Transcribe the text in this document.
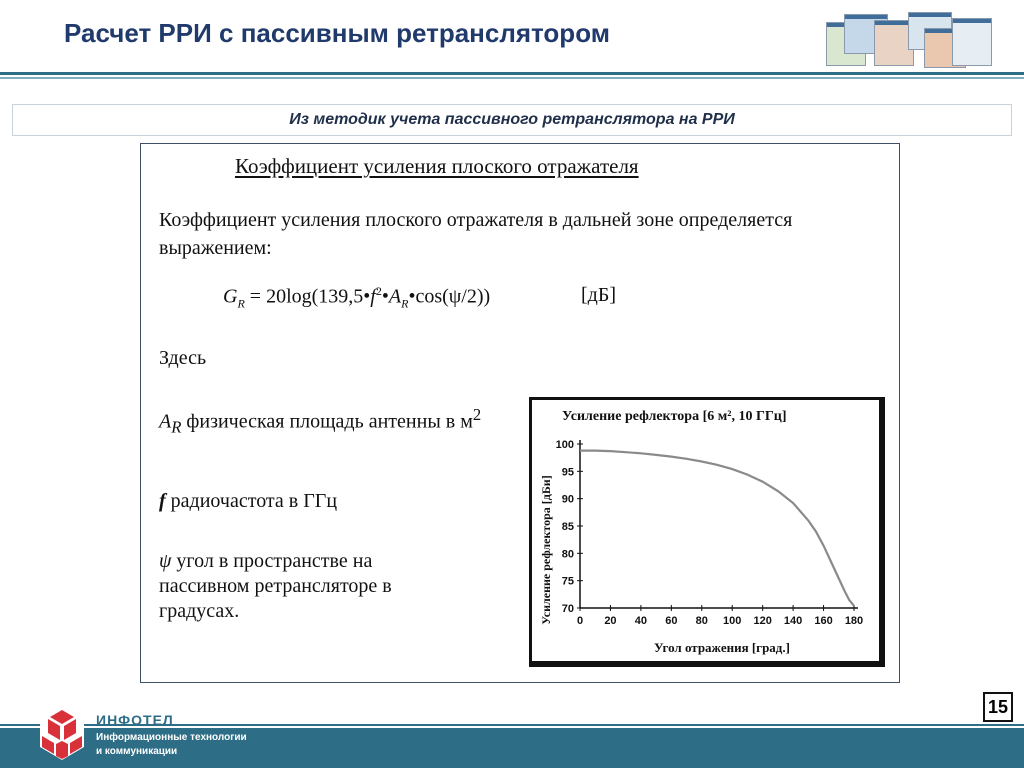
Расчет РРИ с пассивным ретранслятором
Из методик учета пассивного ретранслятора на РРИ
Коэффициент усиления плоского отражателя
Коэффициент усиления плоского отражателя в дальней зоне определяется выражением:
$G_R$ = $20\log(139,5•f^2•A_R•\cos(\psi/2))$	[дБ]
Здесь
$A_R$ физическая площадь антенны в $м^2$
f радиочастота в ГГц
ψ угол в пространстве на пассивном ретрансляторе в градусах.
Усиление рефлектора [6 м², 10 ГГц]
Усиление рефлектора [дБи]
Угол отражения [град.]
70
75
80
85
90
95
100
0 20 40 60 80 100 120 140 160 180
15
ИНФОТЕЛ
Информационные технологии
и коммуникации
